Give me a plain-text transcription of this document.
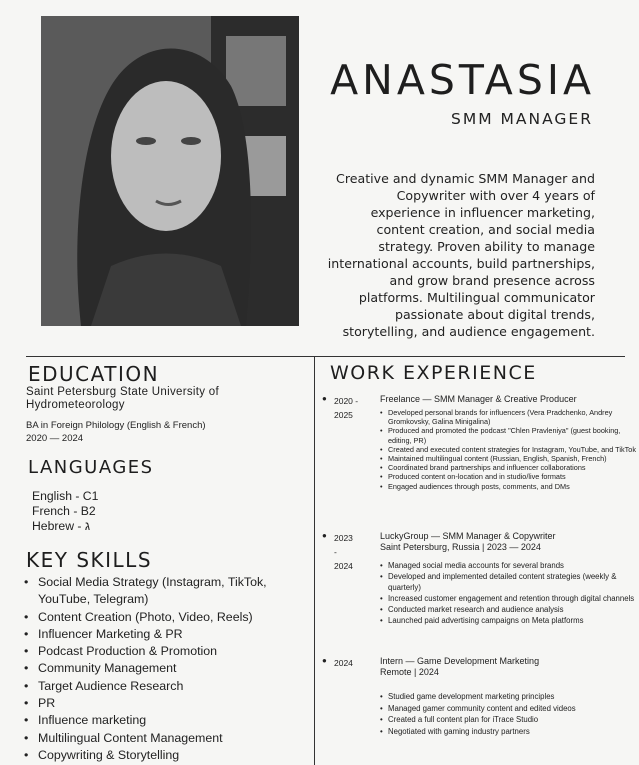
ANASTASIA
SMM MANAGER
Creative and dynamic SMM Manager and Copywriter with over 4 years of experience in influencer marketing, content creation, and social media strategy. Proven ability to manage international accounts, build partnerships, and grow brand presence across platforms. Multilingual communicator passionate about digital trends, storytelling, and audience engagement.
EDUCATION
Saint Petersburg State University of
Hydrometeorology
BA in Foreign Philology (English & French)
2020 — 2024
LANGUAGES
English - C1
French - B2
Hebrew - ג
KEY SKILLS
• Social Media Strategy (Instagram, TikTok, YouTube, Telegram)
• Content Creation (Photo, Video, Reels)
• Influencer Marketing & PR
• Podcast Production & Promotion
• Community Management
• Target Audience Research
• PR
• Influence marketing
• Multilingual Content Management
• Copywriting & Storytelling
WORK EXPERIENCE
● 2020 -
2025
Freelance — SMM Manager & Creative Producer
• Developed personal brands for influencers (Vera Pradchenko, Andrey Gromkovsky, Galina Minigalina)
• Produced and promoted the podcast "Chlen Pravleniya" (guest booking, editing, PR)
• Created and executed content strategies for Instagram, YouTube, and TikTok
• Maintained multilingual content (Russian, English, Spanish, French)
• Coordinated brand partnerships and influencer collaborations
• Produced content on-location and in studio/live formats
• Engaged audiences through posts, comments, and DMs
● 2023
-
2024
LuckyGroup — SMM Manager & Copywriter
Saint Petersburg, Russia | 2023 — 2024
• Managed social media accounts for several brands
• Developed and implemented detailed content strategies (weekly & quarterly)
• Increased customer engagement and retention through digital channels
• Conducted market research and audience analysis
• Launched paid advertising campaigns on Meta platforms
● 2024	Intern — Game Development Marketing
Remote | 2024
• Studied game development marketing principles
• Managed gamer community content and edited videos
• Created a full content plan for iTrace Studio
• Negotiated with gaming industry partners
